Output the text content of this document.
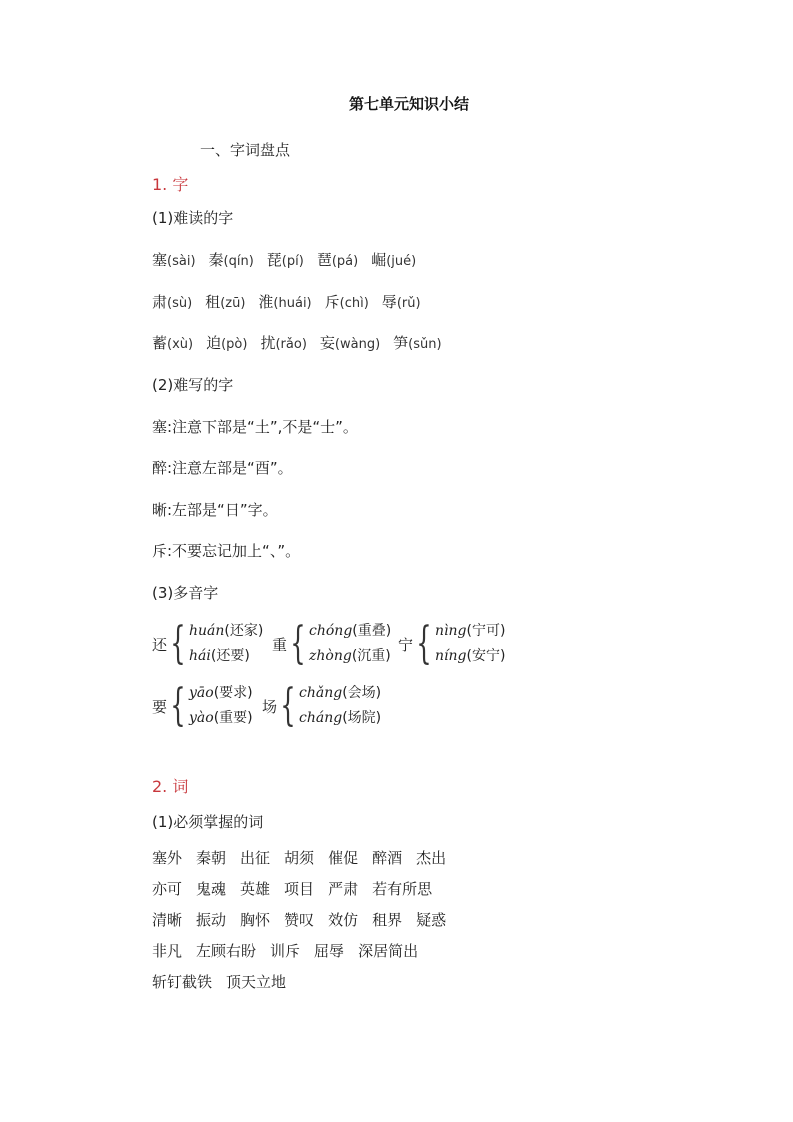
第七单元知识小结
一、字词盘点
1. 字
(1)难读的字
塞(sài) 秦(qín) 琵(pí) 琶(pá) 崛(jué)
肃(sù) 租(zū) 淮(huái) 斥(chì) 辱(rǔ)
蓄(xù) 迫(pò) 扰(rǎo) 妄(wàng) 笋(sǔn)
(2)难写的字
塞:注意下部是“土”,不是“士”。
醉:注意左部是“酉”。
晰:左部是“日”字。
斥:不要忘记加上“、”。
(3)多音字
还 { huán(还家)
hái(还要)
重 { chóng(重叠)
zhòng(沉重)
宁 { nìng(宁可)
níng(安宁)
要 { yāo(要求)
yào(重要)
场 { chǎng(会场)
cháng(场院)
2. 词
(1)必须掌握的词
塞外 秦朝 出征 胡须 催促 醉酒 杰出
亦可 鬼魂 英雄 项目 严肃 若有所思
清晰 振动 胸怀 赞叹 效仿 租界 疑惑
非凡 左顾右盼 训斥 屈辱 深居简出
斩钉截铁 顶天立地
